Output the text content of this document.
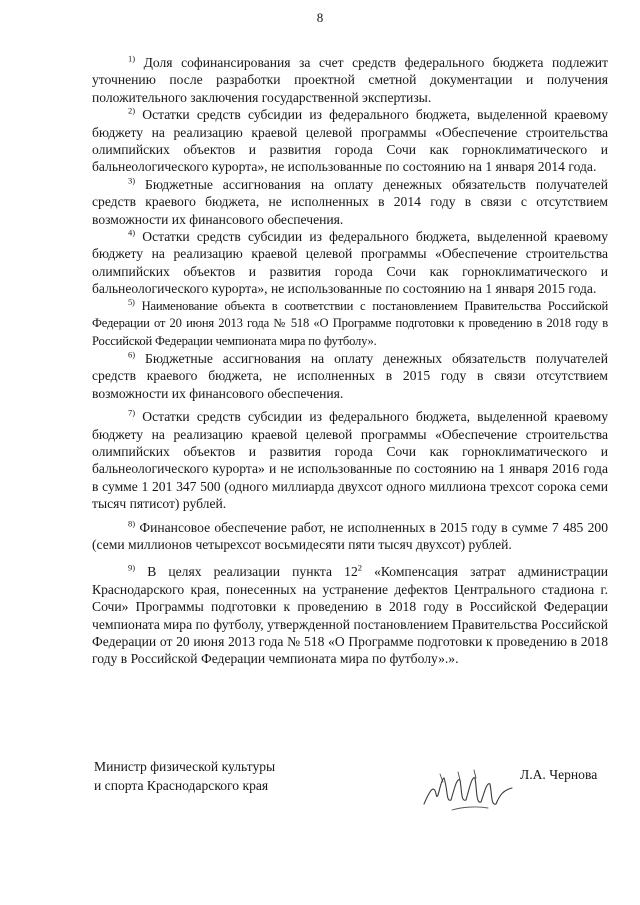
8

$^{1)}$ Доля софинансирования за счет средств федерального бюджета подлежит уточнению после разработки проектной сметной документации и получения положительного заключения государственной экспертизы.

$^{2)}$ Остатки средств субсидии из федерального бюджета, выделенной краевому бюджету на реализацию краевой целевой программы «Обеспечение строительства олимпийских объектов и развития города Сочи как горноклиматического и бальнеологического курорта», не использованные по состоянию на 1 января 2014 года.

$^{3)}$ Бюджетные ассигнования на оплату денежных обязательств получателей средств краевого бюджета, не исполненных в 2014 году в связи с отсутствием возможности их финансового обеспечения.

$^{4)}$ Остатки средств субсидии из федерального бюджета, выделенной краевому бюджету на реализацию краевой целевой программы «Обеспечение строительства олимпийских объектов и развития города Сочи как горноклиматического и бальнеологического курорта», не использованные по состоянию на 1 января 2015 года.

$^{5)}$ Наименование объекта в соответствии с постановлением Правительства Российской Федерации от 20 июня 2013 года № 518 «О Программе подготовки к проведению в 2018 году в Российской Федерации чемпионата мира по футболу».

$^{6)}$ Бюджетные ассигнования на оплату денежных обязательств получателей средств краевого бюджета, не исполненных в 2015 году в связи отсутствием возможности их финансового обеспечения.

$^{7)}$ Остатки средств субсидии из федерального бюджета, выделенной краевому бюджету на реализацию краевой целевой программы «Обеспечение строительства олимпийских объектов и развития города Сочи как горноклиматического и бальнеологического курорта» и не использованные по состоянию на 1 января 2016 года в сумме 1 201 347 500 (одного миллиарда двухсот одного миллиона трехсот сорока семи тысяч пятисот) рублей.

$^{8)}$ Финансовое обеспечение работ, не исполненных в 2015 году в сумме 7 485 200 (семи миллионов четырехсот восьмидесяти пяти тысяч двухсот) рублей.

$^{9)}$ В целях реализации пункта $12^2$ «Компенсация затрат администрации Краснодарского края, понесенных на устранение дефектов Центрального стадиона г. Сочи» Программы подготовки к проведению в 2018 году в Российской Федерации чемпионата мира по футболу, утвержденной постановлением Правительства Российской Федерации от 20 июня 2013 года № 518 «О Программе подготовки к проведению в 2018 году в Российской Федерации чемпионата мира по футболу».».

Министр физической культуры
и спорта Краснодарского края
Л.А. Чернова
